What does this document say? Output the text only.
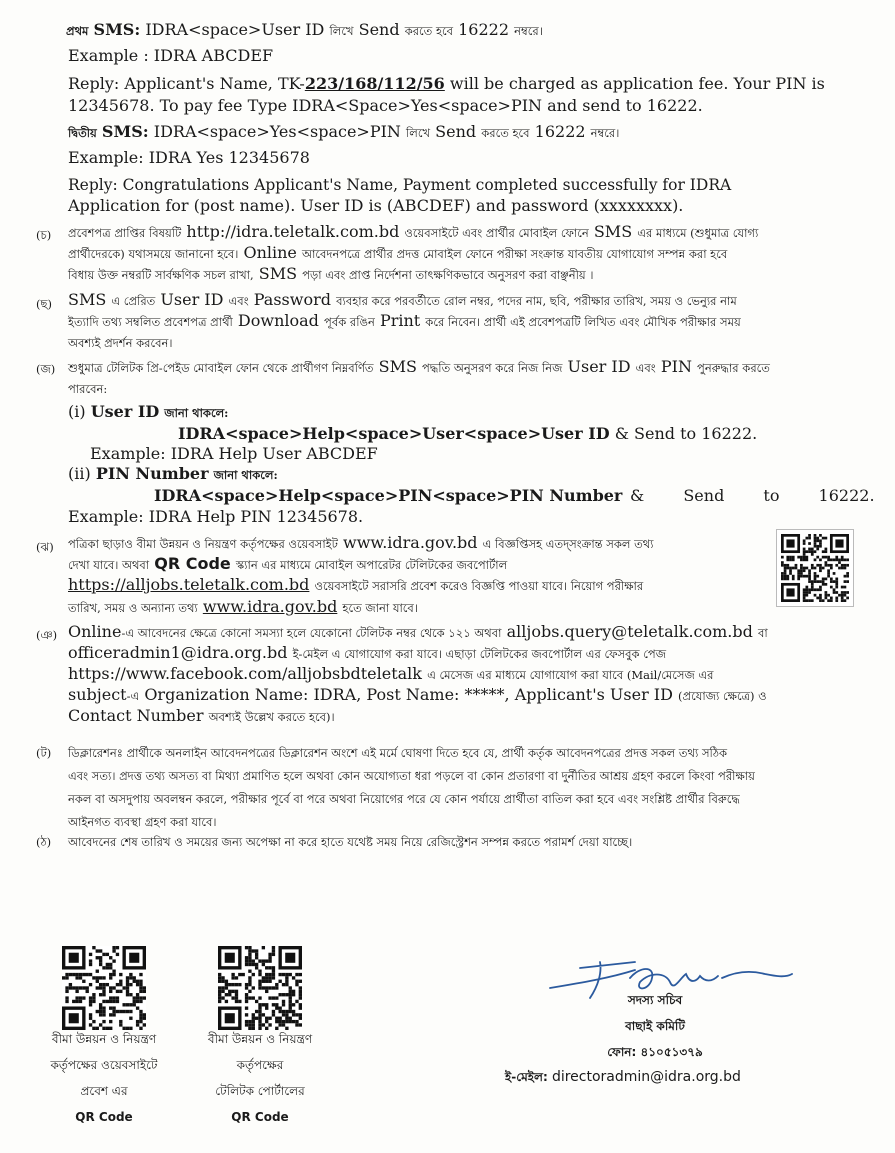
প্রথম SMS: IDRA<space>User ID লিখে Send করতে হবে 16222 নম্বরে।
Example : IDRA ABCDEF
Reply: Applicant's Name, TK-223/168/112/56 will be charged as application fee. Your PIN is
12345678. To pay fee Type IDRA<Space>Yes<space>PIN and send to 16222.
দ্বিতীয় SMS: IDRA<space>Yes<space>PIN লিখে Send করতে হবে 16222 নম্বরে।
Example: IDRA Yes 12345678
Reply: Congratulations Applicant's Name, Payment completed successfully for IDRA
Application for (post name). User ID is (ABCDEF) and password (xxxxxxxx).
(চ) প্রবেশপত্র প্রাপ্তির বিষয়টি http://idra.teletalk.com.bd ওয়েবসাইটে এবং প্রার্থীর মোবাইল ফোনে SMS এর মাধ্যমে (শুধুমাত্র যোগ্য
প্রার্থীদেরকে) যথাসময়ে জানানো হবে। Online আবেদনপত্রে প্রার্থীর প্রদত্ত মোবাইল ফোনে পরীক্ষা সংক্রান্ত যাবতীয় যোগাযোগ সম্পন্ন করা হবে
বিধায় উক্ত নম্বরটি সার্বক্ষণিক সচল রাখা, SMS পড়া এবং প্রাপ্ত নির্দেশনা তাৎক্ষণিকভাবে অনুসরণ করা বাঞ্ছনীয় ।
(ছ) SMS এ প্রেরিত User ID এবং Password ব্যবহার করে পরবর্তীতে রোল নম্বর, পদের নাম, ছবি, পরীক্ষার তারিখ, সময় ও ভেন্যুর নাম
ইত্যাদি তথ্য সম্বলিত প্রবেশপত্র প্রার্থী Download পূর্বক রঙিন Print করে নিবেন। প্রার্থী এই প্রবেশপত্রটি লিখিত এবং মৌখিক পরীক্ষার সময়
অবশ্যই প্রদর্শন করবেন।
(জ) শুধুমাত্র টেলিটক প্রি-পেইড মোবাইল ফোন থেকে প্রার্থীগণ নিম্নবর্ণিত SMS পদ্ধতি অনুসরণ করে নিজ নিজ User ID এবং PIN পুনরুদ্ধার করতে
পারবেন:
(i) User ID জানা থাকলে:
IDRA<space>Help<space>User<space>User ID & Send to 16222.
Example: IDRA Help User ABCDEF
(ii) PIN Number জানা থাকলে:
IDRA<space>Help<space>PIN<space>PIN Number & Send to 16222.
Example: IDRA Help PIN 12345678.
(ঝ) পত্রিকা ছাড়াও বীমা উন্নয়ন ও নিয়ন্ত্রণ কর্তৃপক্ষের ওয়েবসাইট www.idra.gov.bd এ বিজ্ঞপ্তিসহ এতদ্সংক্রান্ত সকল তথ্য
দেখা যাবে। অথবা QR Code স্ক্যান এর মাধ্যমে মোবাইল অপারেটর টেলিটকের জবপোর্টাল
https://alljobs.teletalk.com.bd ওয়েবসাইটে সরাসরি প্রবেশ করেও বিজ্ঞপ্তি পাওয়া যাবে। নিয়োগ পরীক্ষার
তারিখ, সময় ও অন্যান্য তথ্য www.idra.gov.bd হতে জানা যাবে।
(ঞ) Online-এ আবেদনের ক্ষেত্রে কোনো সমস্যা হলে যেকোনো টেলিটক নম্বর থেকে ১২১ অথবা alljobs.query@teletalk.com.bd বা
officeradmin1@idra.org.bd ই-মেইল এ যোগাযোগ করা যাবে। এছাড়া টেলিটকের জবপোর্টাল এর ফেসবুক পেজ
https://www.facebook.com/alljobsbdteletalk এ মেসেজ এর মাধ্যমে যোগাযোগ করা যাবে (Mail/মেসেজ এর
subject-এ Organization Name: IDRA, Post Name: *****, Applicant's User ID (প্রযোজ্য ক্ষেত্রে) ও
Contact Number অবশ্যই উল্লেখ করতে হবে)।
(ট) ডিক্লারেশনঃ প্রার্থীকে অনলাইন আবেদনপত্রের ডিক্লারেশন অংশে এই মর্মে ঘোষণা দিতে হবে যে, প্রার্থী কর্তৃক আবেদনপত্রের প্রদত্ত সকল তথ্য সঠিক
এবং সত্য। প্রদত্ত তথ্য অসত্য বা মিথ্যা প্রমাণিত হলে অথবা কোন অযোগ্যতা ধরা পড়লে বা কোন প্রতারণা বা দুর্নীতির আশ্রয় গ্রহণ করলে কিংবা পরীক্ষায়
নকল বা অসদুপায় অবলম্বন করলে, পরীক্ষার পূর্বে বা পরে অথবা নিয়োগের পরে যে কোন পর্যায়ে প্রার্থীতা বাতিল করা হবে এবং সংশ্লিষ্ট প্রার্থীর বিরুদ্ধে
আইনগত ব্যবস্থা গ্রহণ করা যাবে।
(ঠ) আবেদনের শেষ তারিখ ও সময়ের জন্য অপেক্ষা না করে হাতে যথেষ্ট সময় নিয়ে রেজিস্ট্রেশন সম্পন্ন করতে পরামর্শ দেয়া যাচ্ছে।
বীমা উন্নয়ন ও নিয়ন্ত্রণ
কর্তৃপক্ষের ওয়েবসাইটে
প্রবেশ এর
QR Code
বীমা উন্নয়ন ও নিয়ন্ত্রণ
কর্তৃপক্ষের
টেলিটক পোর্টালের
QR Code
সদস্য সচিব
বাছাই কমিটি
ফোন: ৪১০৫১৩৭৯
ই-মেইল: directoradmin@idra.org.bd
